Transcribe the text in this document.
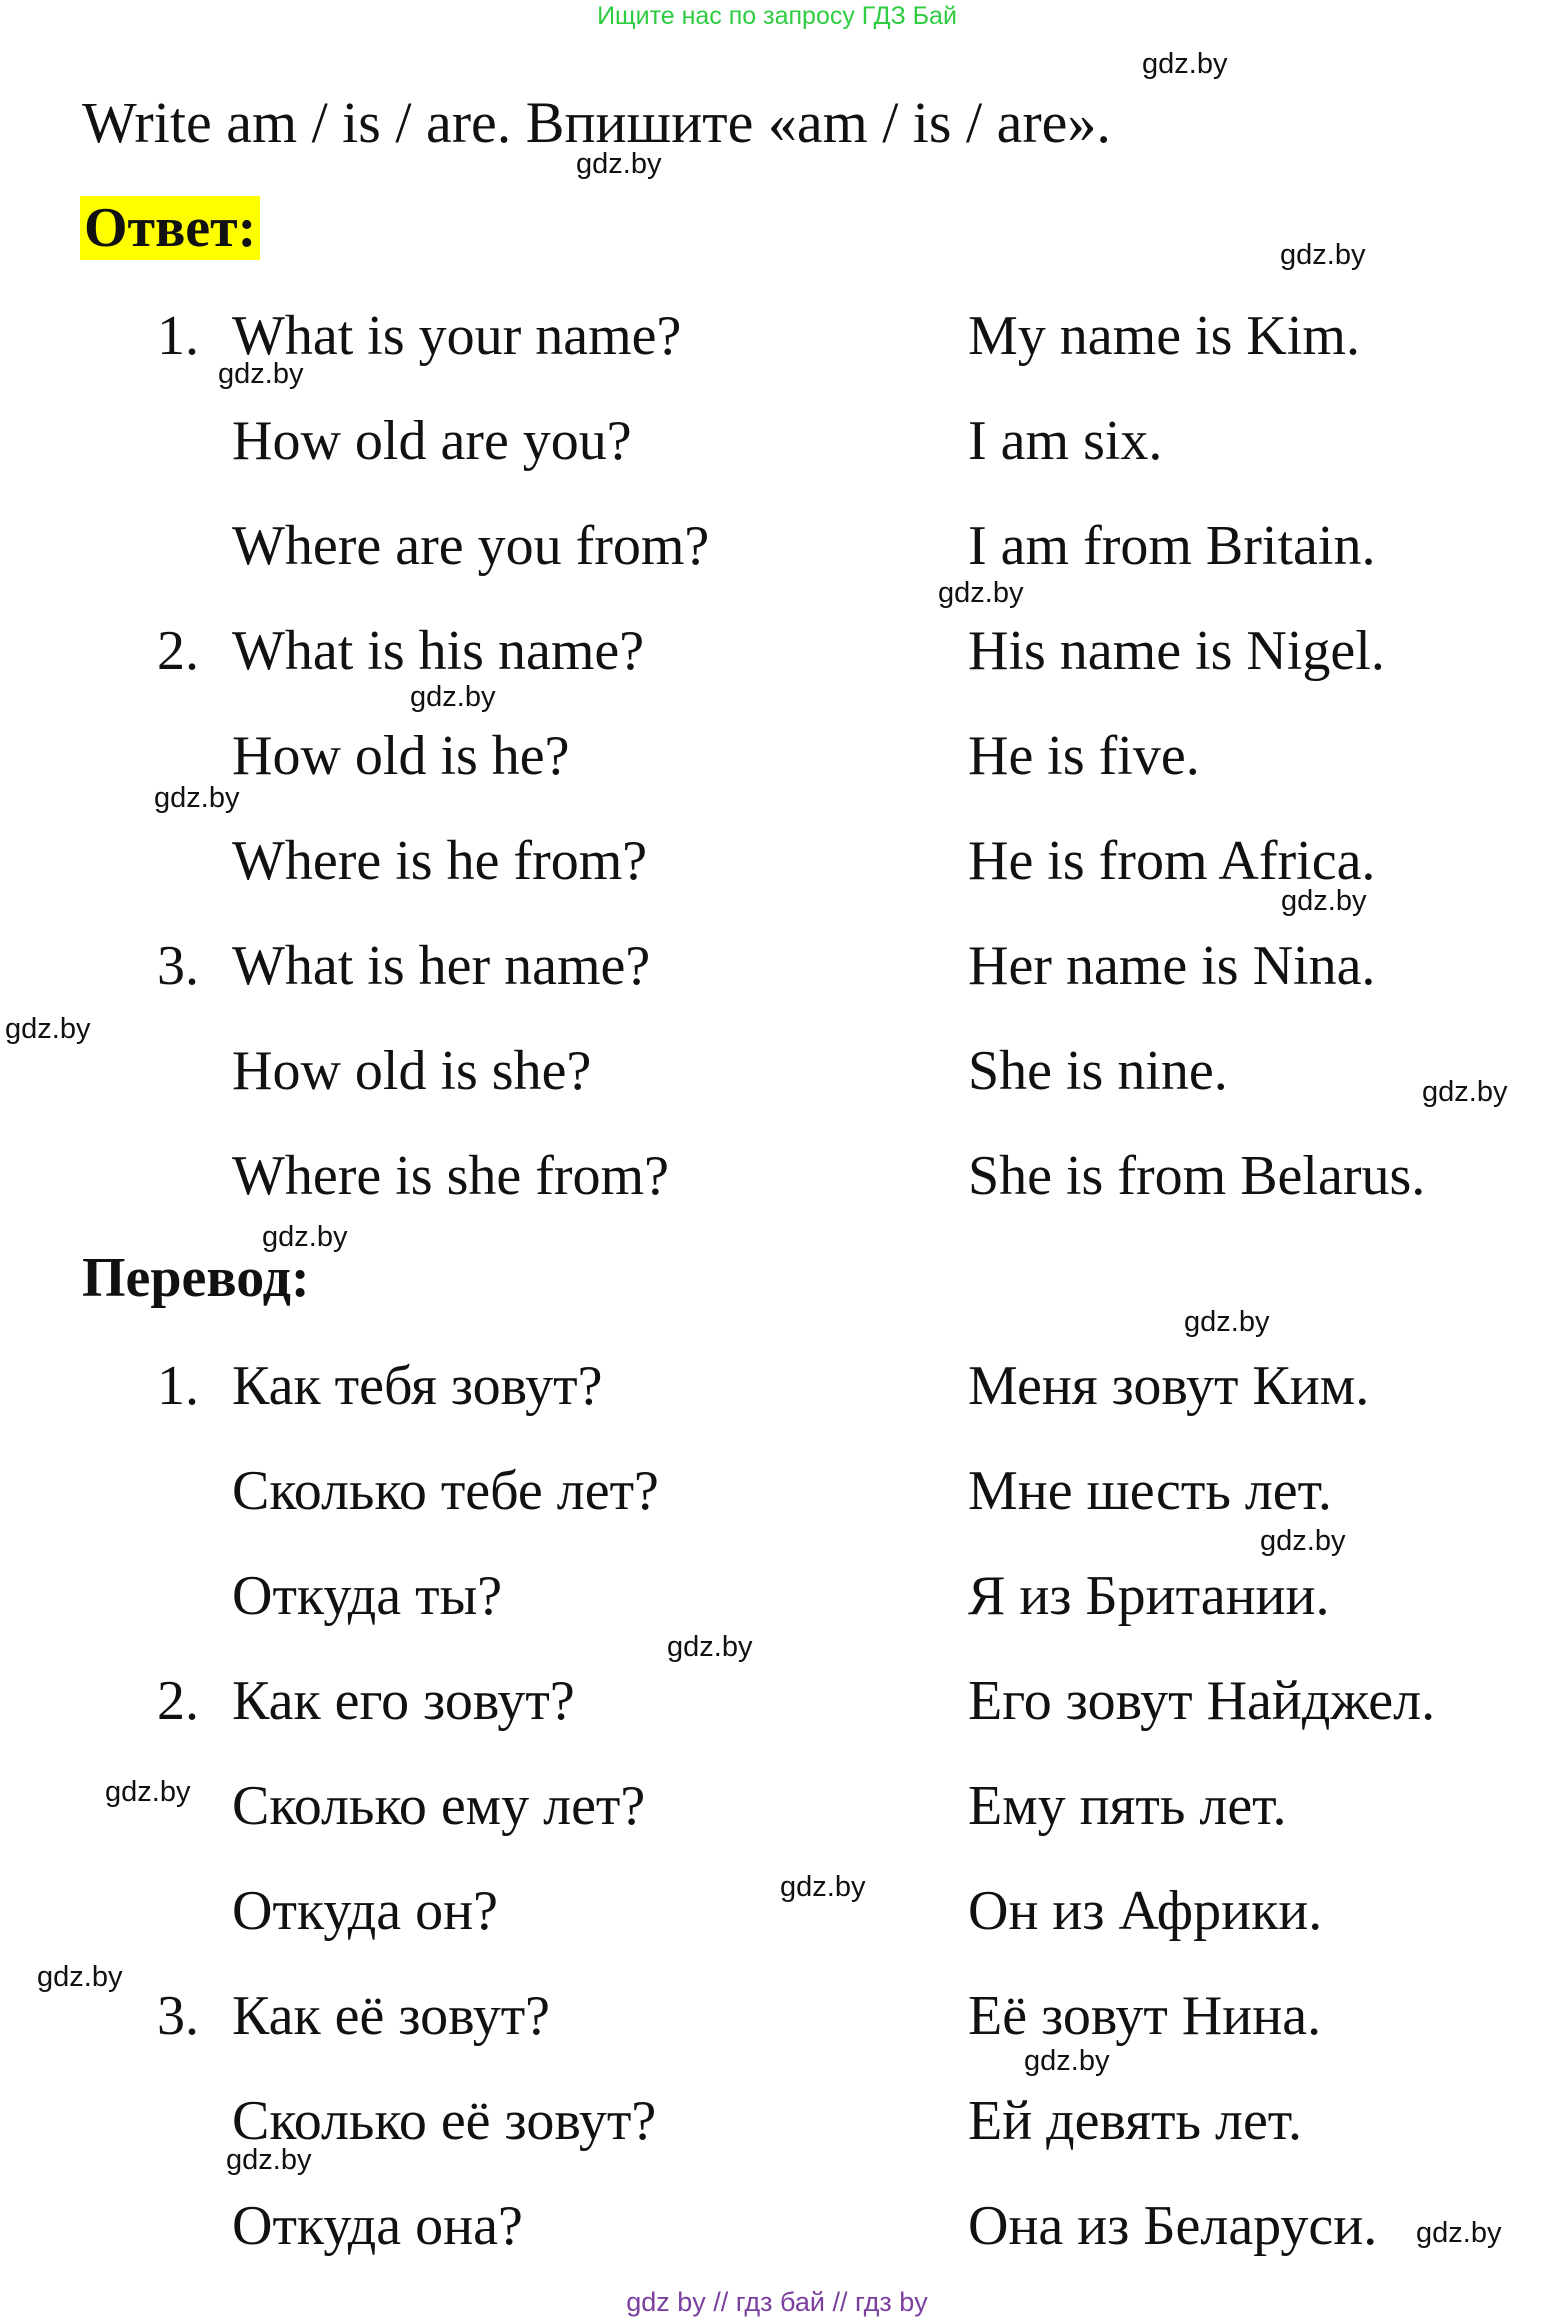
Ищите нас по запросу ГДЗ Бай
Write am / is / are. Впишите «am / is / are».
Ответ:
1. What is your name?	My name is Kim.
How old are you?	I am six.
Where are you from?	I am from Britain.
2. What is his name?	His name is Nigel.
How old is he?	He is five.
Where is he from?	He is from Africa.
3. What is her name?	Her name is Nina.
How old is she?	She is nine.
Where is she from?	She is from Belarus.
Перевод:
1. Как тебя зовут?	Меня зовут Ким.
Сколько тебе лет?	Мне шесть лет.
Откуда ты?	Я из Британии.
2. Как его зовут?	Его зовут Найджел.
Сколько ему лет?	Ему пять лет.
Откуда он?	Он из Африки.
3. Как её зовут?	Её зовут Нина.
Сколько её зовут?	Ей девять лет.
Откуда она?	Она из Беларуси.
gdz.by
gdz.by
gdz.by
gdz.by
gdz.by
gdz.by
gdz.by
gdz.by
gdz.by
gdz.by
gdz.by
gdz.by
gdz.by
gdz.by
gdz.by
gdz.by
gdz.by
gdz.by
gdz.by
gdz.by
gdz by // гдз бай // гдз by
